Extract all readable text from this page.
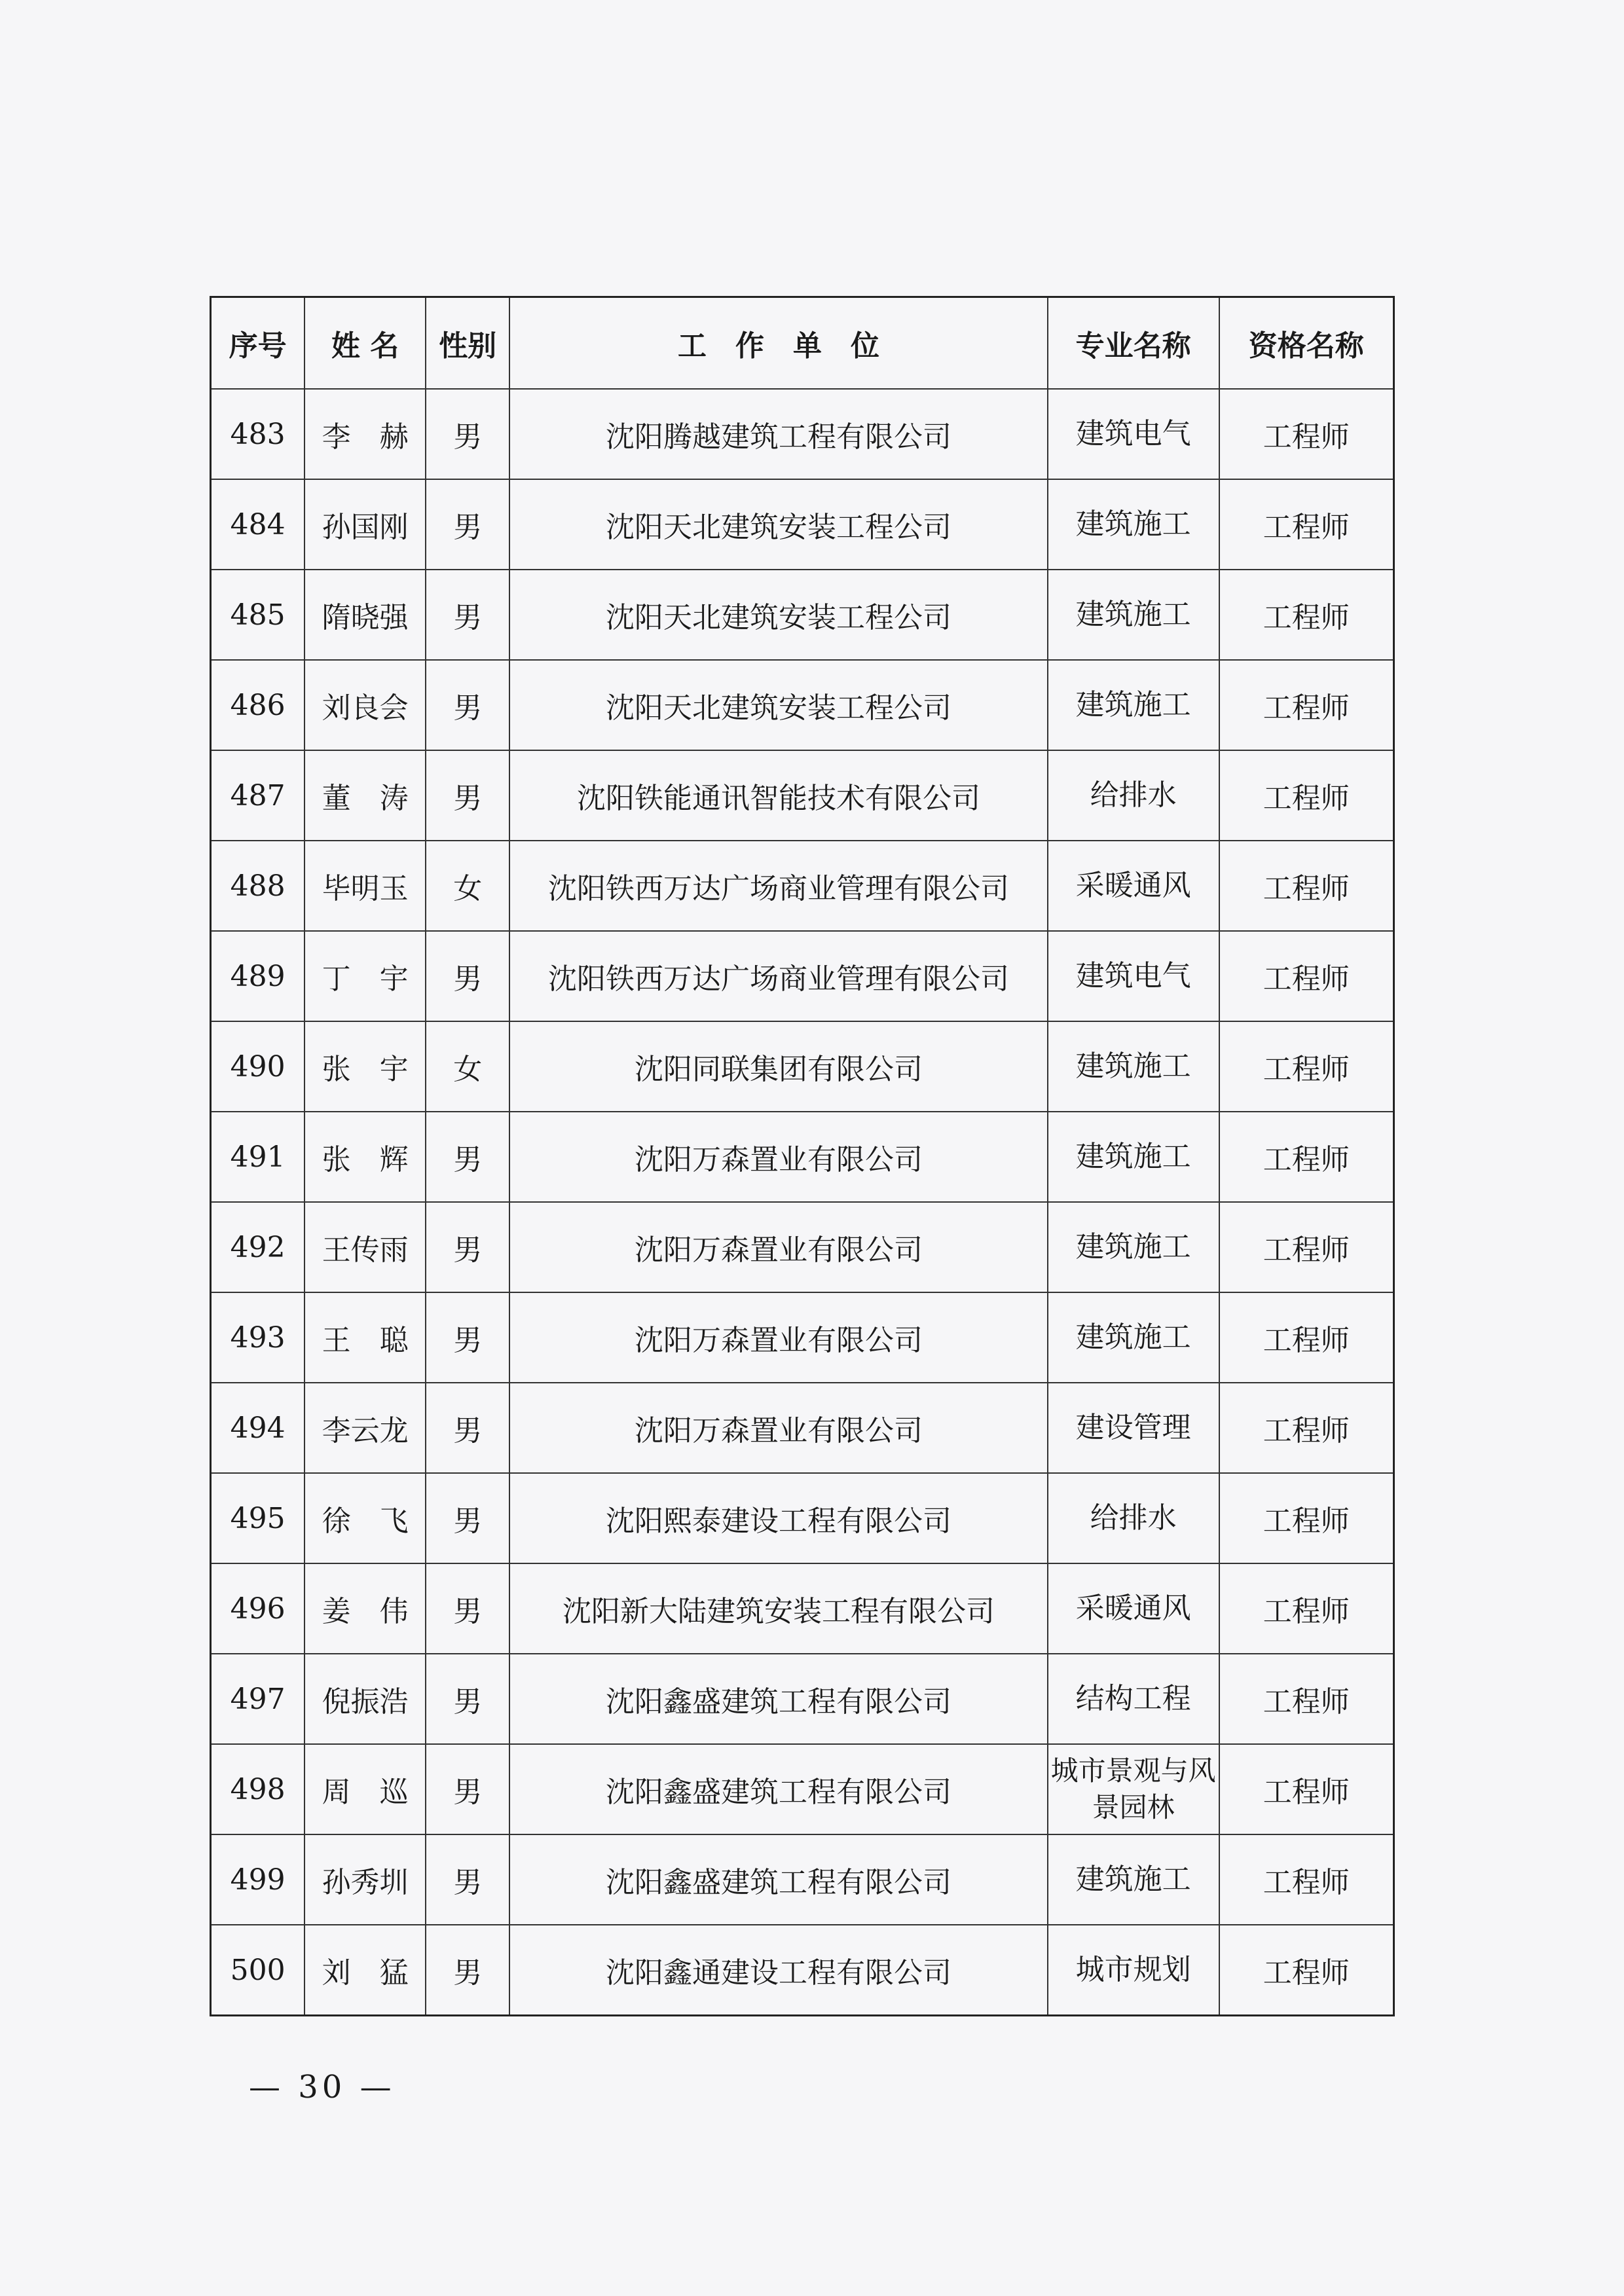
序号	姓 名	性别	工　作　单　位	专业名称	资格名称
483	李　赫	男	沈阳腾越建筑工程有限公司	建筑电气	工程师
484	孙国刚	男	沈阳天北建筑安装工程公司	建筑施工	工程师
485	隋晓强	男	沈阳天北建筑安装工程公司	建筑施工	工程师
486	刘良会	男	沈阳天北建筑安装工程公司	建筑施工	工程师
487	董　涛	男	沈阳铁能通讯智能技术有限公司	给排水	工程师
488	毕明玉	女	沈阳铁西万达广场商业管理有限公司	采暖通风	工程师
489	丁　宇	男	沈阳铁西万达广场商业管理有限公司	建筑电气	工程师
490	张　宇	女	沈阳同联集团有限公司	建筑施工	工程师
491	张　辉	男	沈阳万森置业有限公司	建筑施工	工程师
492	王传雨	男	沈阳万森置业有限公司	建筑施工	工程师
493	王　聪	男	沈阳万森置业有限公司	建筑施工	工程师
494	李云龙	男	沈阳万森置业有限公司	建设管理	工程师
495	徐　飞	男	沈阳熙泰建设工程有限公司	给排水	工程师
496	姜　伟	男	沈阳新大陆建筑安装工程有限公司	采暖通风	工程师
497	倪振浩	男	沈阳鑫盛建筑工程有限公司	结构工程	工程师
498	周　巡	男	沈阳鑫盛建筑工程有限公司	城市景观与风景园林	工程师
499	孙秀圳	男	沈阳鑫盛建筑工程有限公司	建筑施工	工程师
500	刘　猛	男	沈阳鑫通建设工程有限公司	城市规划	工程师
— 30 —
